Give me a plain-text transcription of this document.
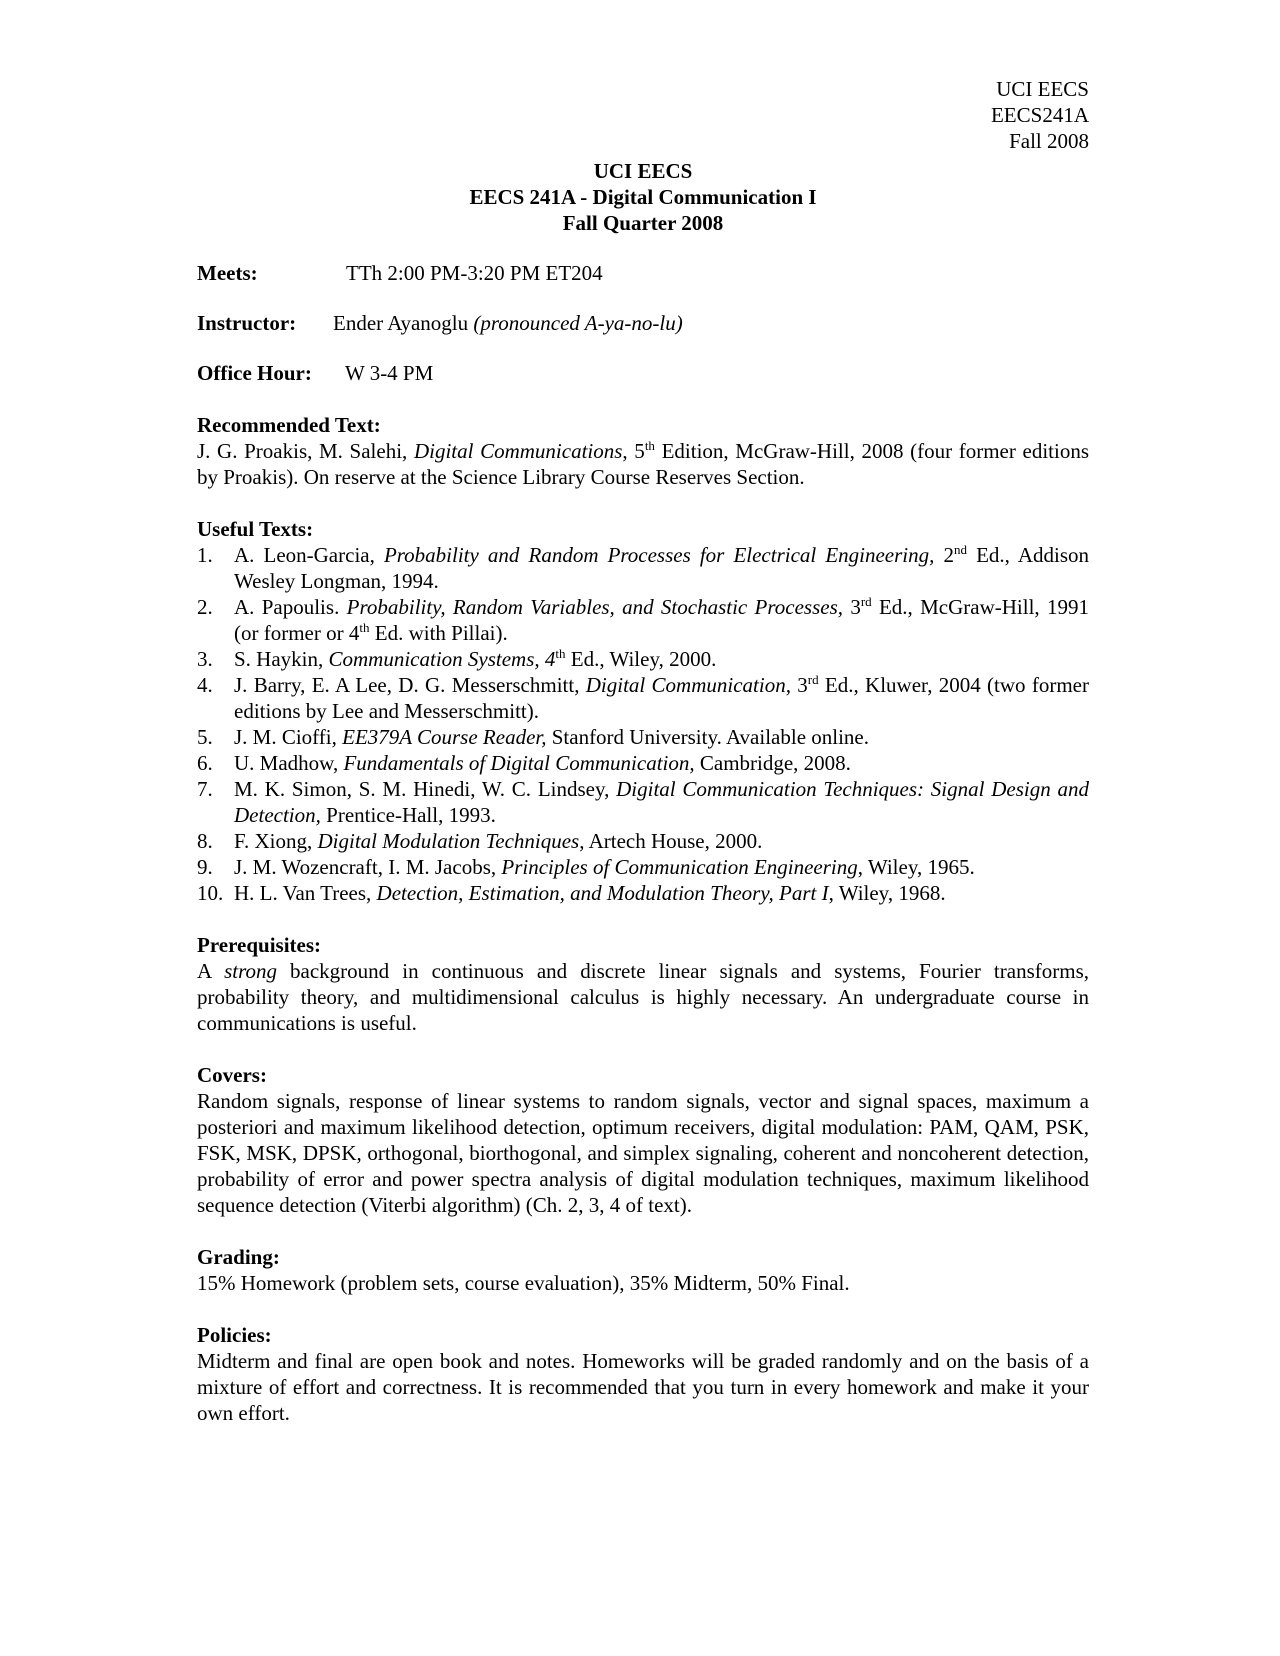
UCI EECS
EECS241A
Fall 2008
UCI EECS
EECS 241A - Digital Communication I
Fall Quarter 2008
Meets:	TTh 2:00 PM-3:20 PM ET204
Instructor: Ender Ayanoglu (pronounced A-ya-no-lu)
Office Hour: W 3-4 PM
Recommended Text:
J. G. Proakis, M. Salehi, Digital Communications, 5th Edition, McGraw-Hill, 2008 (four former editions by Proakis). On reserve at the Science Library Course Reserves Section.
Useful Texts:
1. A. Leon-Garcia, Probability and Random Processes for Electrical Engineering, 2nd Ed., Addison Wesley Longman, 1994.
2. A. Papoulis. Probability, Random Variables, and Stochastic Processes, 3rd Ed., McGraw-Hill, 1991 (or former or 4th Ed. with Pillai).
3. S. Haykin, Communication Systems, 4th Ed., Wiley, 2000.
4. J. Barry, E. A Lee, D. G. Messerschmitt, Digital Communication, 3rd Ed., Kluwer, 2004 (two former editions by Lee and Messerschmitt).
5. J. M. Cioffi, EE379A Course Reader, Stanford University. Available online.
6. U. Madhow, Fundamentals of Digital Communication, Cambridge, 2008.
7. M. K. Simon, S. M. Hinedi, W. C. Lindsey, Digital Communication Techniques: Signal Design and Detection, Prentice-Hall, 1993.
8. F. Xiong, Digital Modulation Techniques, Artech House, 2000.
9. J. M. Wozencraft, I. M. Jacobs, Principles of Communication Engineering, Wiley, 1965.
10. H. L. Van Trees, Detection, Estimation, and Modulation Theory, Part I, Wiley, 1968.
Prerequisites:
A strong background in continuous and discrete linear signals and systems, Fourier transforms, probability theory, and multidimensional calculus is highly necessary. An undergraduate course in communications is useful.
Covers:
Random signals, response of linear systems to random signals, vector and signal spaces, maximum a posteriori and maximum likelihood detection, optimum receivers, digital modulation: PAM, QAM, PSK, FSK, MSK, DPSK, orthogonal, biorthogonal, and simplex signaling, coherent and noncoherent detection, probability of error and power spectra analysis of digital modulation techniques, maximum likelihood sequence detection (Viterbi algorithm) (Ch. 2, 3, 4 of text).
Grading:
15% Homework (problem sets, course evaluation), 35% Midterm, 50% Final.
Policies:
Midterm and final are open book and notes. Homeworks will be graded randomly and on the basis of a mixture of effort and correctness. It is recommended that you turn in every homework and make it your own effort.
